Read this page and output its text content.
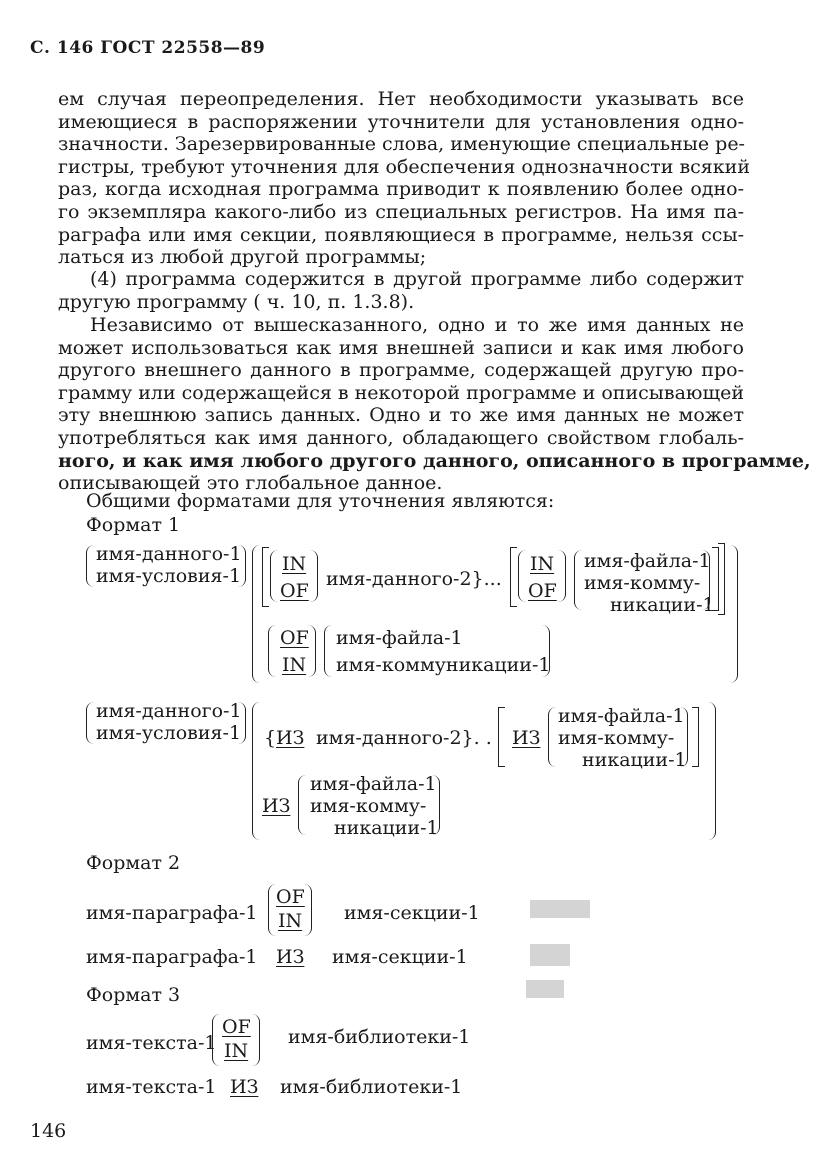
С. 146 ГОСТ 22558—89
ем случая переопределения. Нет необходимости указывать все
имеющиеся в распоряжении уточнители для установления одно-
значности. Зарезервированные слова, именующие специальные ре-
гистры, требуют уточнения для обеспечения однозначности всякий
раз, когда исходная программа приводит к появлению более одно-
го экземпляра какого-либо из специальных регистров. На имя па-
раграфа или имя секции, появляющиеся в программе, нельзя ссы-
латься из любой другой программы;
(4) программа содержится в другой программе либо содержит
другую программу ( ч. 10, п. 1.3.8).
Независимо от вышесказанного, одно и то же имя данных не
может использоваться как имя внешней записи и как имя любого
другого внешнего данного в программе, содержащей другую про-
грамму или содержащейся в некоторой программе и описывающей
эту внешнюю запись данных. Одно и то же имя данных не может
употребляться как имя данного, обладающего свойством глобаль-
ного, и как имя любого другого данного, описанного в программе,
описывающей это глобальное данное.
Общими форматами для уточнения являются:
Формат 1
имя-данного-1
имя-условия-1
IN
OF
имя-данного-2}...
IN
OF
имя-файла-1
имя-комму-
никации-1
OF
IN
имя-файла-1
имя-коммуникации-1
имя-данного-1
имя-условия-1 { ИЗ имя-данного-2}. . ИЗ
имя-файла-1
имя-комму-
никации-1
ИЗ
имя-файла-1
имя-комму-
никации-1
Формат 2
имя-параграфа-1
OF
IN имя-секции-1
имя-параграфа-1 ИЗ имя-секции-1
Формат 3
имя-текста-1
OF
IN
имя-библиотеки-1
имя-текста-1 ИЗ имя-библиотеки-1
146
